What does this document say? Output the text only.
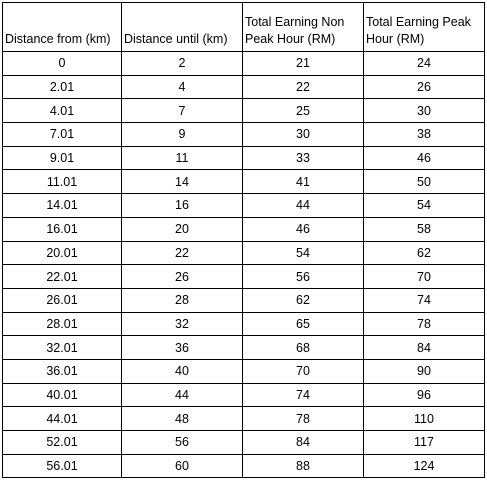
Distance from (km)	Distance until (km)	Total Earning Non Peak Hour (RM)	Total Earning Peak Hour (RM)
0	2	21	24
2.01	4	22	26
4.01	7	25	30
7.01	9	30	38
9.01	11	33	46
11.01	14	41	50
14.01	16	44	54
16.01	20	46	58
20.01	22	54	62
22.01	26	56	70
26.01	28	62	74
28.01	32	65	78
32.01	36	68	84
36.01	40	70	90
40.01	44	74	96
44.01	48	78	110
52.01	56	84	117
56.01	60	88	124
